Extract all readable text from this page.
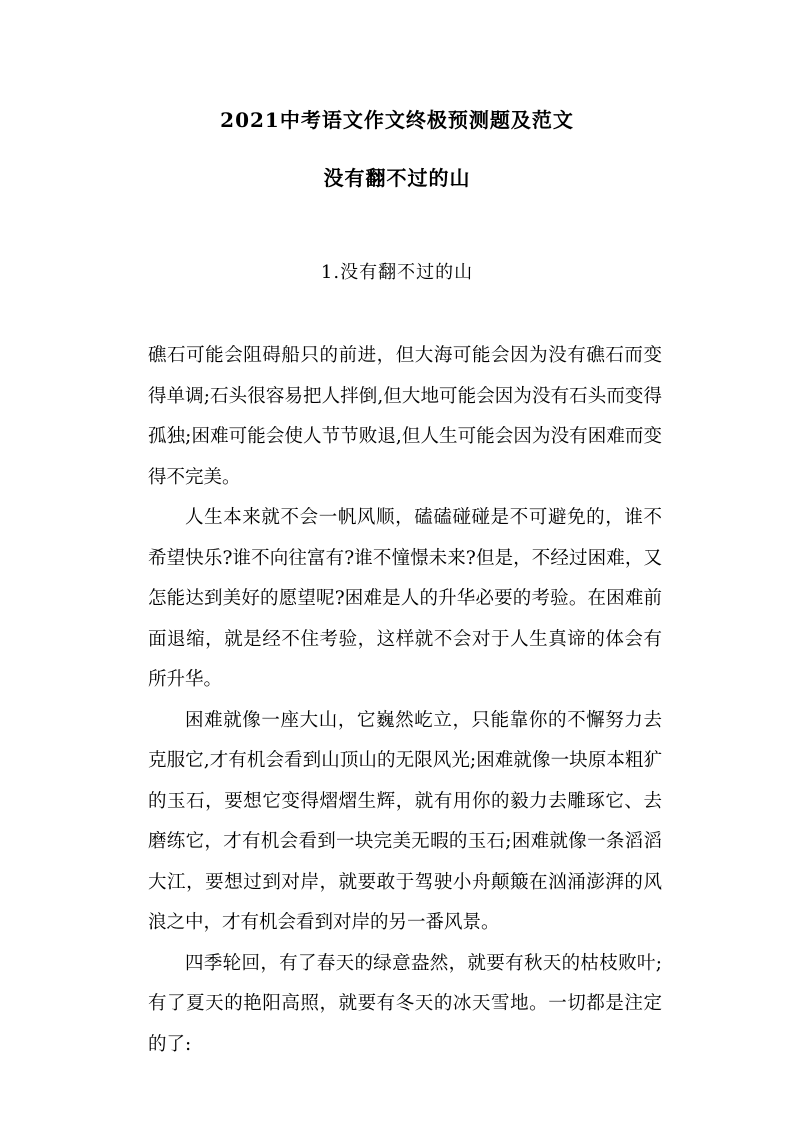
2021中考语文作文终极预测题及范文
没有翻不过的山
1.没有翻不过的山

礁石可能会阻碍船只的前进，但大海可能会因为没有礁石而变得单调;石头很容易把人拌倒,但大地可能会因为没有石头而变得孤独;困难可能会使人节节败退,但人生可能会因为没有困难而变得不完美。

人生本来就不会一帆风顺，磕磕碰碰是不可避免的，谁不希望快乐?谁不向往富有?谁不憧憬未来?但是，不经过困难，又怎能达到美好的愿望呢?困难是人的升华必要的考验。在困难前面退缩，就是经不住考验，这样就不会对于人生真谛的体会有所升华。

困难就像一座大山，它巍然屹立，只能靠你的不懈努力去克服它,才有机会看到山顶山的无限风光;困难就像一块原本粗犷的玉石，要想它变得熠熠生辉，就有用你的毅力去雕琢它、去磨练它，才有机会看到一块完美无暇的玉石;困难就像一条滔滔大江，要想过到对岸，就要敢于驾驶小舟颠簸在汹涌澎湃的风浪之中，才有机会看到对岸的另一番风景。

四季轮回，有了春天的绿意盎然，就要有秋天的枯枝败叶;有了夏天的艳阳高照，就要有冬天的冰天雪地。一切都是注定的了:
